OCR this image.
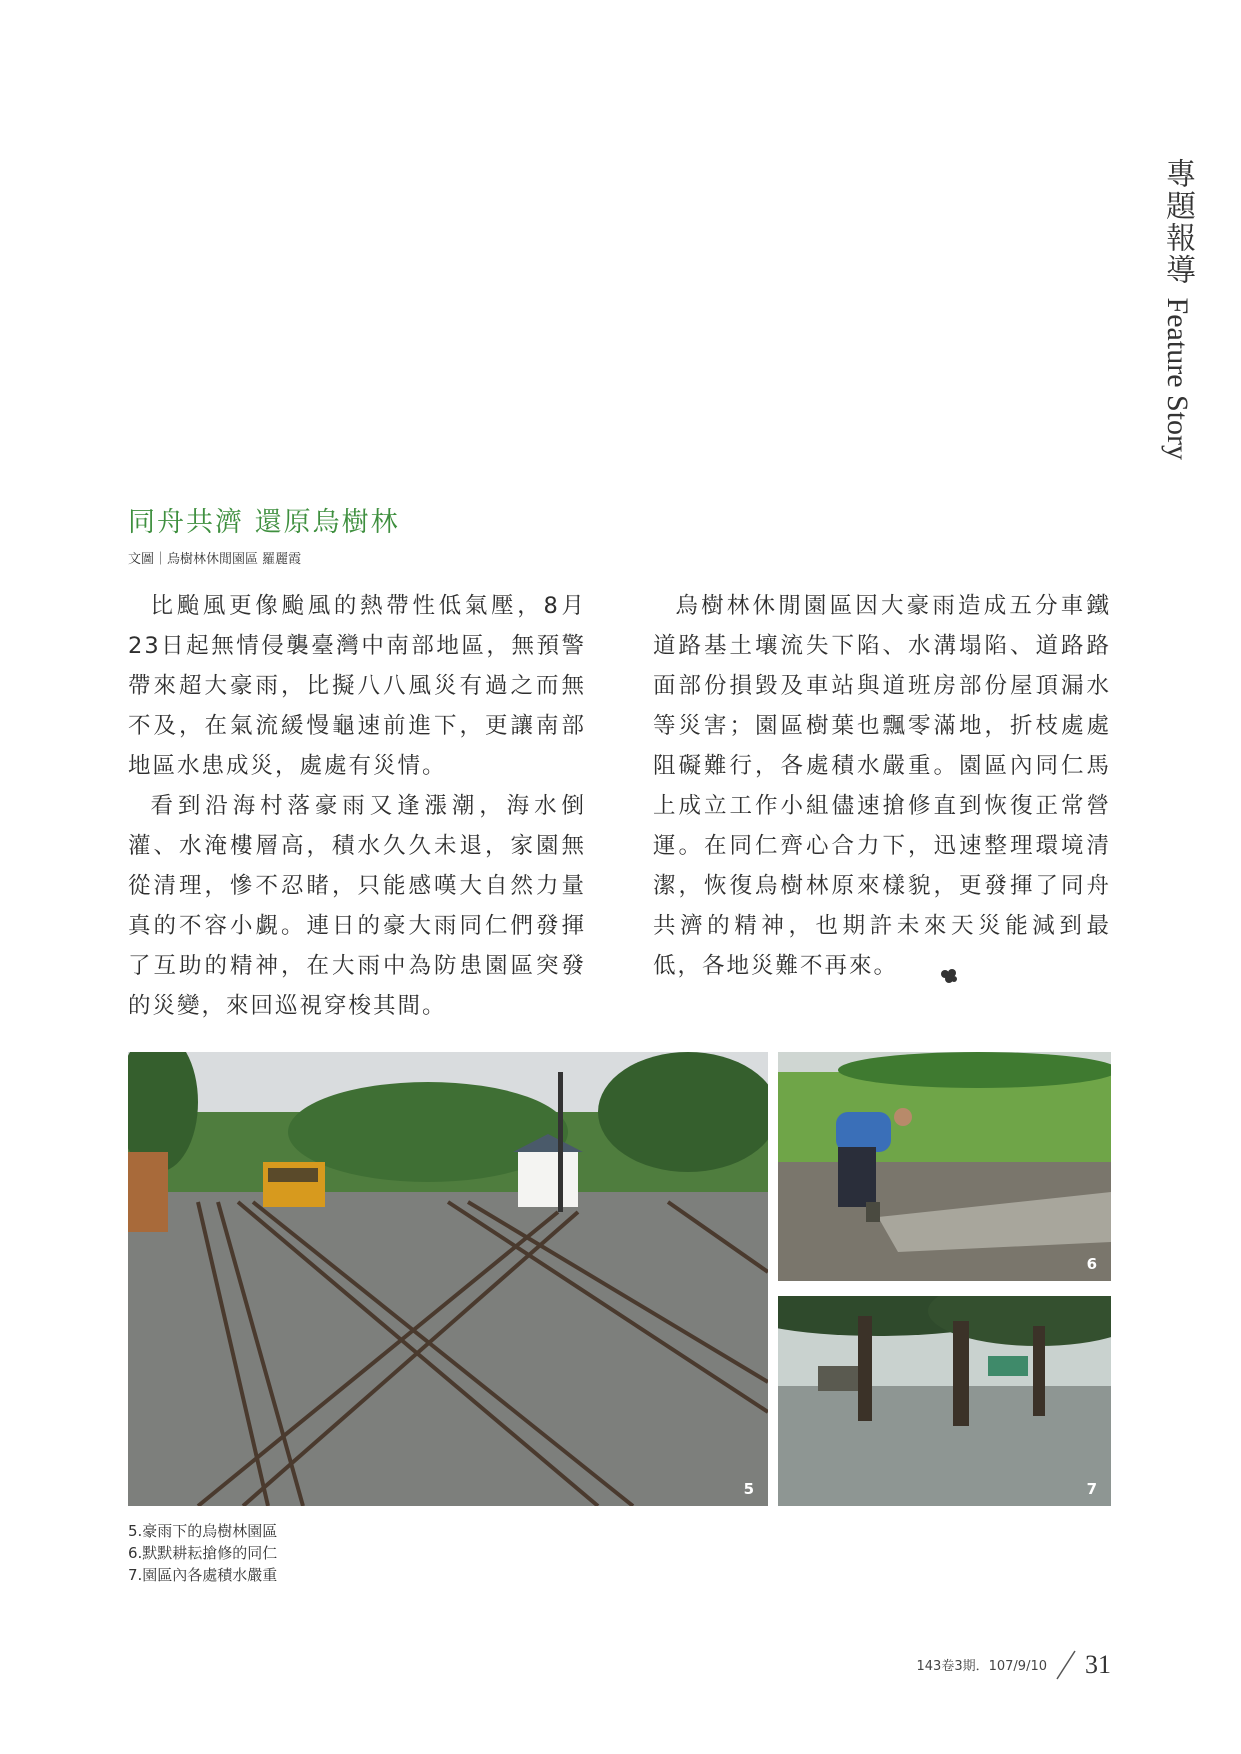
專題報導 Feature Story
同舟共濟 還原烏樹林
文圖｜烏樹林休閒園區 羅麗霞

比颱風更像颱風的熱帶性低氣壓，8月23日起無情侵襲臺灣中南部地區，無預警帶來超大豪雨，比擬八八風災有過之而無不及，在氣流緩慢龜速前進下，更讓南部地區水患成災，處處有災情。

看到沿海村落豪雨又逢漲潮，海水倒灌、水淹樓層高，積水久久未退，家園無從清理，慘不忍睹，只能感嘆大自然力量真的不容小覷。連日的豪大雨同仁們發揮了互助的精神，在大雨中為防患園區突發的災變，來回巡視穿梭其間。

烏樹林休閒園區因大豪雨造成五分車鐵道路基土壤流失下陷、水溝塌陷、道路路面部份損毀及車站與道班房部份屋頂漏水等災害；園區樹葉也飄零滿地，折枝處處阻礙難行，各處積水嚴重。園區內同仁馬上成立工作小組儘速搶修直到恢復正常營運。在同仁齊心合力下，迅速整理環境清潔，恢復烏樹林原來樣貌，更發揮了同舟共濟的精神，也期許未來天災能減到最低，各地災難不再來。

5
6
7
5.豪雨下的烏樹林園區
6.默默耕耘搶修的同仁
7.園區內各處積水嚴重
143卷3期．107/9/10 31
